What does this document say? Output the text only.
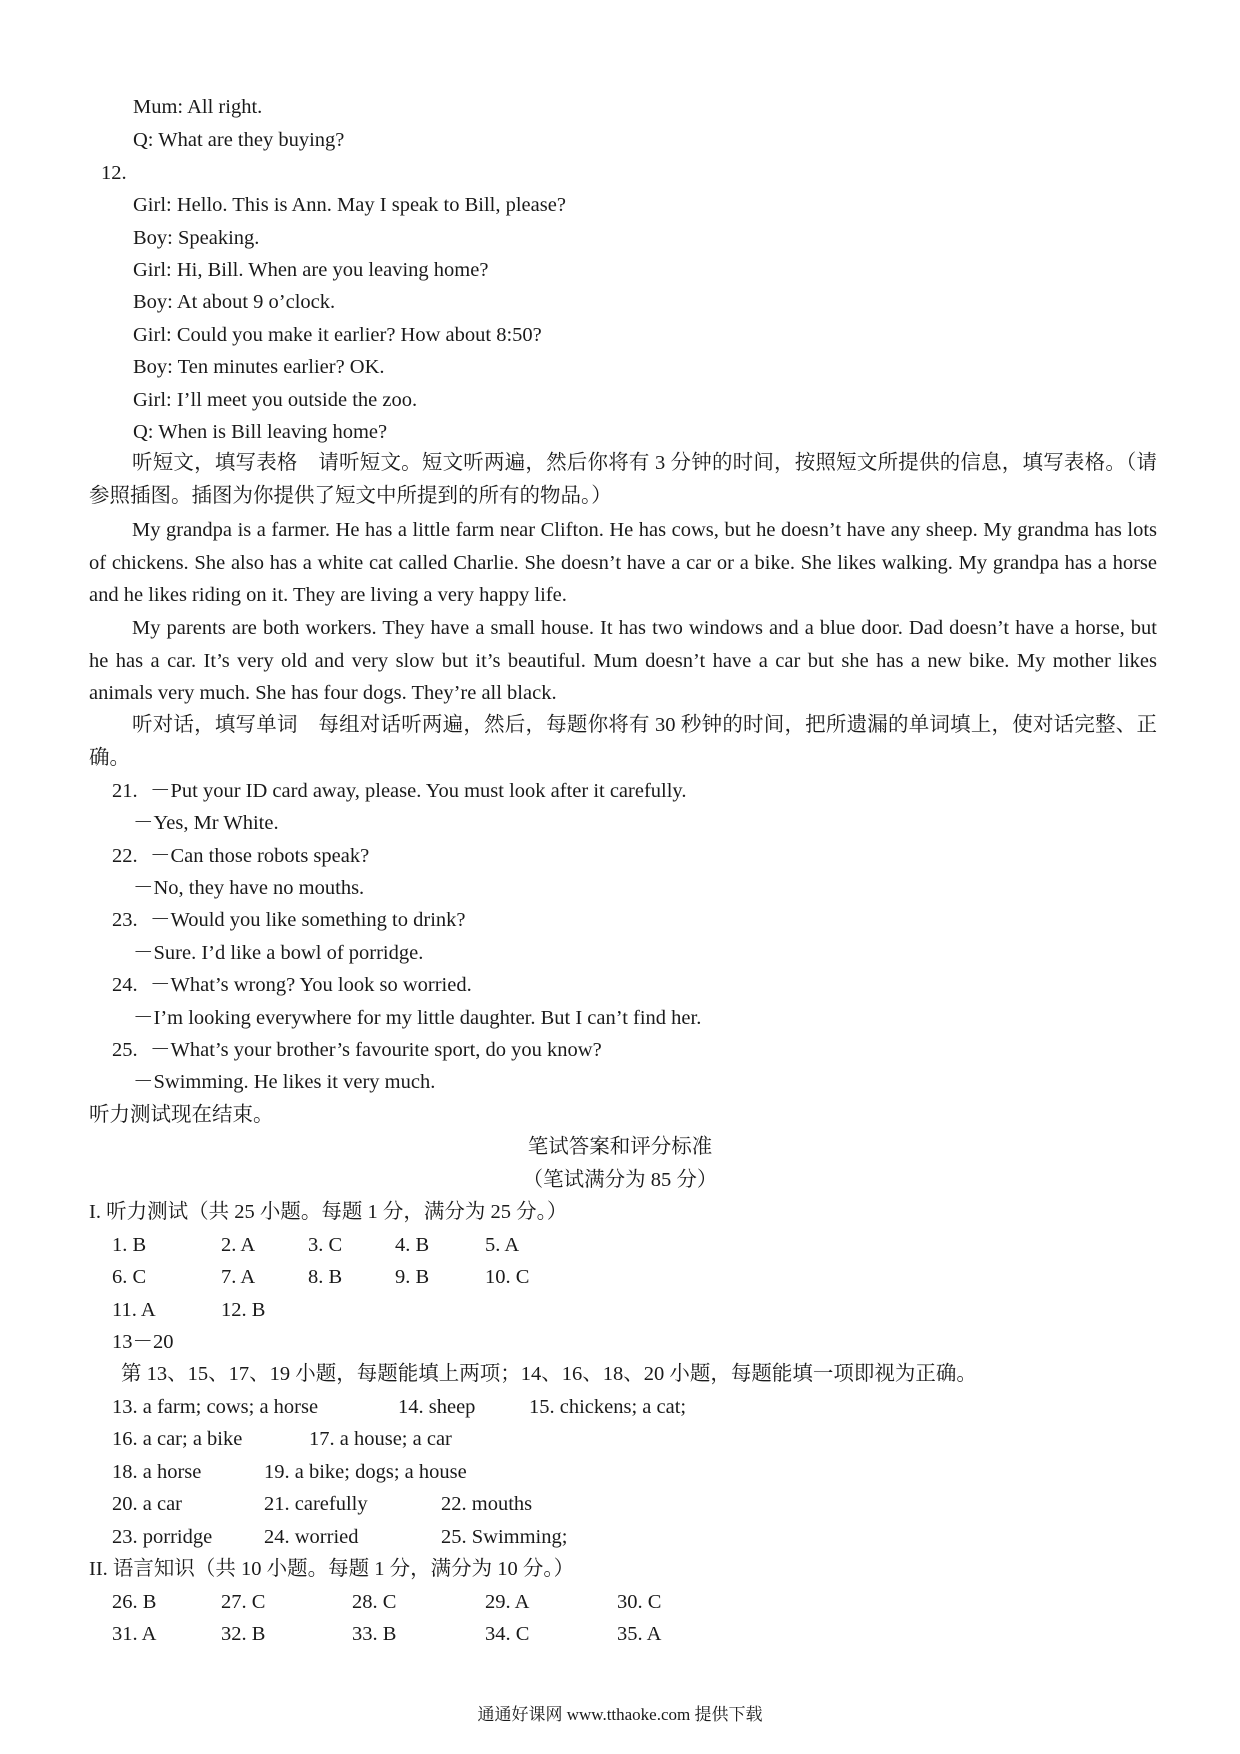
Mum: All right.
Q: What are they buying?
12.
Girl: Hello. This is Ann. May I speak to Bill, please?
Boy: Speaking.
Girl: Hi, Bill. When are you leaving home?
Boy: At about 9 o’clock.
Girl: Could you make it earlier? How about 8:50?
Boy: Ten minutes earlier? OK.
Girl: I’ll meet you outside the zoo.
Q: When is Bill leaving home?
听短文，填写表格　请听短文。短文听两遍，然后你将有 3 分钟的时间，按照短文所提供的信息，填写表格。（请参照插图。插图为你提供了短文中所提到的所有的物品。）
My grandpa is a farmer. He has a little farm near Clifton. He has cows, but he doesn’t have any sheep. My grandma has lots of chickens. She also has a white cat called Charlie. She doesn’t have a car or a bike. She likes walking. My grandpa has a horse and he likes riding on it. They are living a very happy life.
My parents are both workers. They have a small house. It has two windows and a blue door. Dad doesn’t have a horse, but he has a car. It’s very old and very slow but it’s beautiful. Mum doesn’t have a car but she has a new bike. My mother likes animals very much. She has four dogs. They’re all black.
听对话，填写单词　每组对话听两遍，然后，每题你将有 30 秒钟的时间，把所遗漏的单词填上，使对话完整、正确。
21. －Put your ID card away, please. You must look after it carefully.
－Yes, Mr White.
22. －Can those robots speak?
－No, they have no mouths.
23. －Would you like something to drink?
－Sure. I’d like a bowl of porridge.
24. －What’s wrong? You look so worried.
－I’m looking everywhere for my little daughter. But I can’t find her.
25. －What’s your brother’s favourite sport, do you know?
－Swimming. He likes it very much.
听力测试现在结束。
笔试答案和评分标准
（笔试满分为 85 分）
I. 听力测试（共 25 小题。每题 1 分，满分为 25 分。）
1. B	2. A	3. C	4. B	5. A
6. C	7. A	8. B	9. B	10. C
11. A	12. B
13－20
第 13、15、17、19 小题，每题能填上两项；14、16、18、20 小题，每题能填一项即视为正确。
13. a farm; cows; a horse	14. sheep	15. chickens; a cat;
16. a car; a bike	17. a house; a car
18. a horse	19. a bike; dogs; a house
20. a car	21. carefully	22. mouths
23. porridge	24. worried	25. Swimming;
II. 语言知识（共 10 小题。每题 1 分，满分为 10 分。）
26. B	27. C	28. C	29. A	30. C
31. A	32. B	33. B	34. C	35. A
通通好课网 www.tthaoke.com 提供下载
